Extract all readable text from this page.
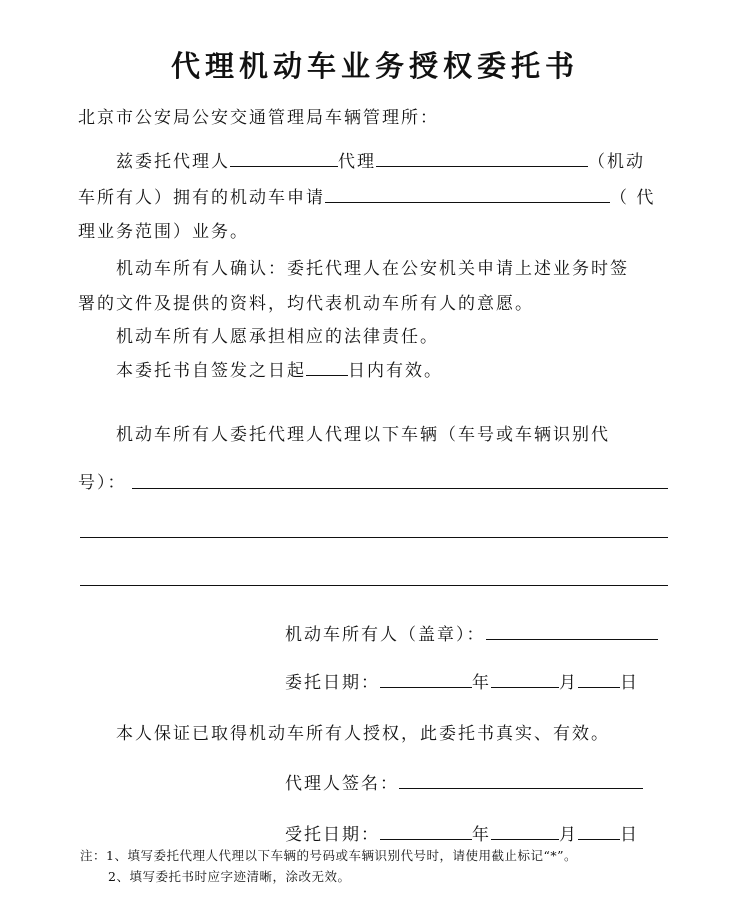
代理机动车业务授权委托书
北京市公安局公安交通管理局车辆管理所：
兹委托代理人	代理	（机动
车所有人）拥有的机动车申请	（ 代
理业务范围）业务。
机动车所有人确认：委托代理人在公安机关申请上述业务时签
署的文件及提供的资料，均代表机动车所有人的意愿。
机动车所有人愿承担相应的法律责任。
本委托书自签发之日起 日内有效。
机动车所有人委托代理人代理以下车辆（车号或车辆识别代
号）：
机动车所有人（盖章）：
委托日期：	年	月 日
本人保证已取得机动车所有人授权，此委托书真实、有效。
代理人签名：
受托日期：	年	月 日
注：1、填写委托代理人代理以下车辆的号码或车辆识别代号时，请使用截止标记“*”。
2、填写委托书时应字迹清晰，涂改无效。
